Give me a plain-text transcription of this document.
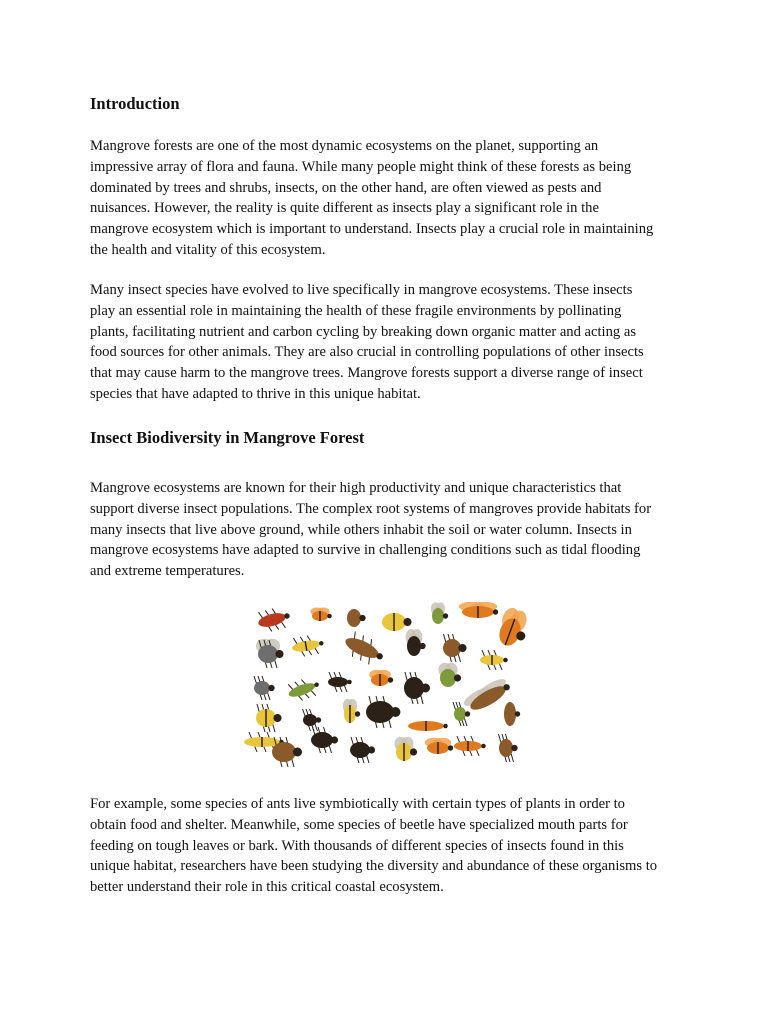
Introduction

Mangrove forests are one of the most dynamic ecosystems on the planet, supporting an
impressive array of flora and fauna. While many people might think of these forests as being
dominated by trees and shrubs, insects, on the other hand, are often viewed as pests and
nuisances. However, the reality is quite different as insects play a significant role in the
mangrove ecosystem which is important to understand. Insects play a crucial role in maintaining
the health and vitality of this ecosystem.

Many insect species have evolved to live specifically in mangrove ecosystems. These insects
play an essential role in maintaining the health of these fragile environments by pollinating
plants, facilitating nutrient and carbon cycling by breaking down organic matter and acting as
food sources for other animals. They are also crucial in controlling populations of other insects
that may cause harm to the mangrove trees. Mangrove forests support a diverse range of insect
species that have adapted to thrive in this unique habitat.

Insect Biodiversity in Mangrove Forest

Mangrove ecosystems are known for their high productivity and unique characteristics that
support diverse insect populations. The complex root systems of mangroves provide habitats for
many insects that live above ground, while others inhabit the soil or water column. Insects in
mangrove ecosystems have adapted to survive in challenging conditions such as tidal flooding
and extreme temperatures.

For example, some species of ants live symbiotically with certain types of plants in order to
obtain food and shelter. Meanwhile, some species of beetle have specialized mouth parts for
feeding on tough leaves or bark. With thousands of different species of insects found in this
unique habitat, researchers have been studying the diversity and abundance of these organisms to
better understand their role in this critical coastal ecosystem.
